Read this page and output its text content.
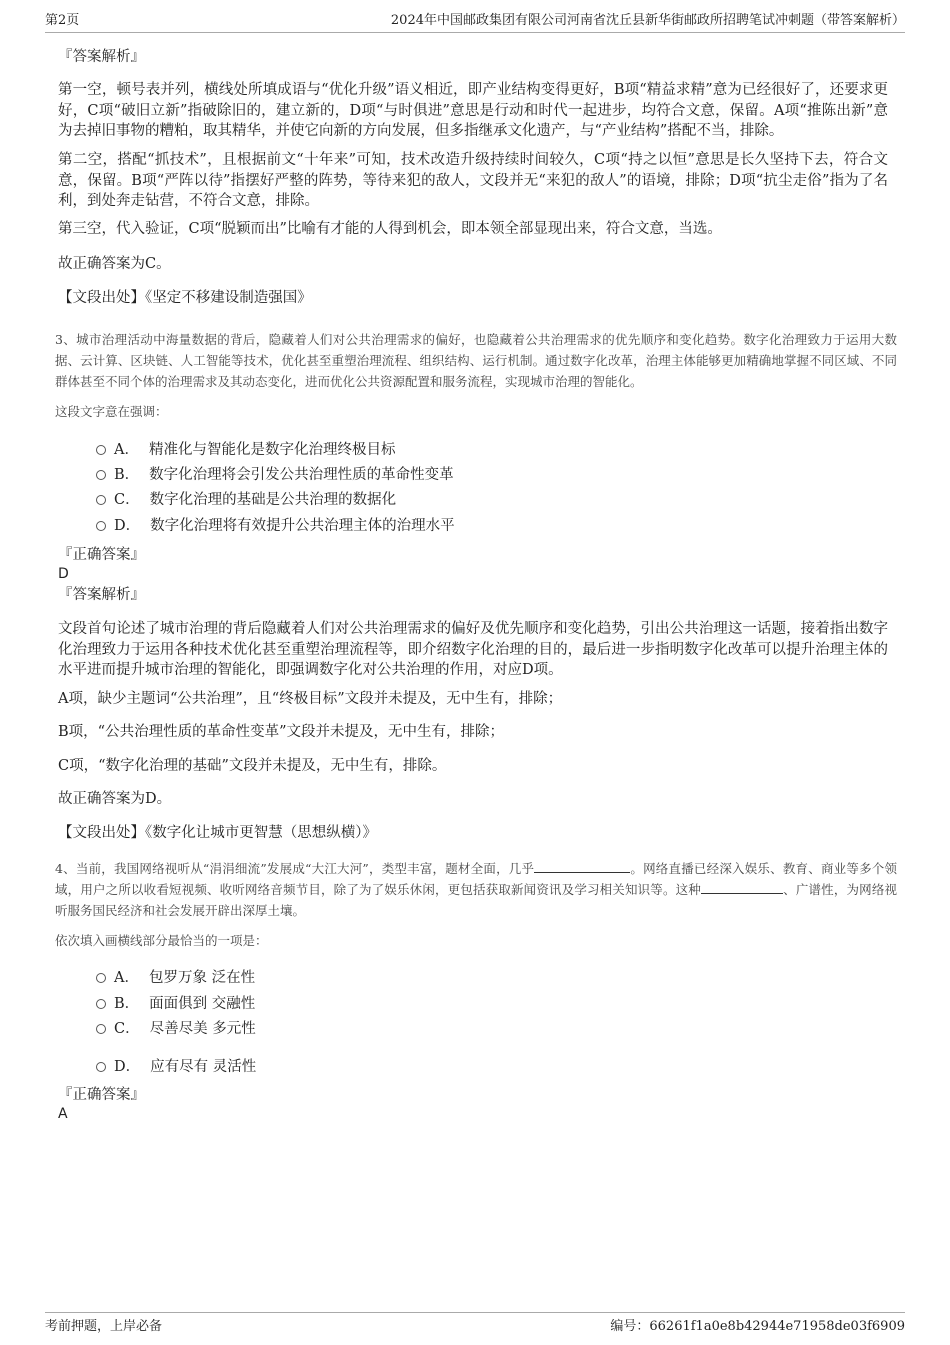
第2页	2024年中国邮政集团有限公司河南省沈丘县新华街邮政所招聘笔试冲刺题（带答案解析）
『答案解析』
第一空，顿号表并列，横线处所填成语与“优化升级”语义相近，即产业结构变得更好，B项“精益求精”意为已经很好了，还要求更好，C项“破旧立新”指破除旧的，建立新的，D项“与时俱进”意思是行动和时代一起进步，均符合文意，保留。A项“推陈出新”意为去掉旧事物的糟粕，取其精华，并使它向新的方向发展，但多指继承文化遗产，与“产业结构”搭配不当，排除。
第二空，搭配“抓技术”，且根据前文“十年来”可知，技术改造升级持续时间较久，C项“持之以恒”意思是长久坚持下去，符合文意，保留。B项“严阵以待”指摆好严整的阵势，等待来犯的敌人，文段并无“来犯的敌人”的语境，排除；D项“抗尘走俗”指为了名利，到处奔走钻营，不符合文意，排除。
第三空，代入验证，C项“脱颖而出”比喻有才能的人得到机会，即本领全部显现出来，符合文意，当选。
故正确答案为C。
【文段出处】《坚定不移建设制造强国》
3、城市治理活动中海量数据的背后，隐藏着人们对公共治理需求的偏好，也隐藏着公共治理需求的优先顺序和变化趋势。数字化治理致力于运用大数据、云计算、区块链、人工智能等技术，优化甚至重塑治理流程、组织结构、运行机制。通过数字化改革，治理主体能够更加精确地掌握不同区域、不同群体甚至不同个体的治理需求及其动态变化，进而优化公共资源配置和服务流程，实现城市治理的智能化。
这段文字意在强调：
A． 精准化与智能化是数字化治理终极目标
B． 数字化治理将会引发公共治理性质的革命性变革
C． 数字化治理的基础是公共治理的数据化
D． 数字化治理将有效提升公共治理主体的治理水平
『正确答案』
D
『答案解析』
文段首句论述了城市治理的背后隐藏着人们对公共治理需求的偏好及优先顺序和变化趋势，引出公共治理这一话题，接着指出数字化治理致力于运用各种技术优化甚至重塑治理流程等，即介绍数字化治理的目的，最后进一步指明数字化改革可以提升治理主体的水平进而提升城市治理的智能化，即强调数字化对公共治理的作用，对应D项。
A项，缺少主题词“公共治理”，且“终极目标”文段并未提及，无中生有，排除；
B项，“公共治理性质的革命性变革”文段并未提及，无中生有，排除；
C项，“数字化治理的基础”文段并未提及，无中生有，排除。
故正确答案为D。
【文段出处】《数字化让城市更智慧（思想纵横）》
4、当前，我国网络视听从“涓涓细流”发展成“大江大河”，类型丰富，题材全面，几乎	。网络直播已经深入娱乐、教育、商业等多个领域，用户之所以收看短视频、收听网络音频节目，除了为了娱乐休闲，更包括获取新闻资讯及学习相关知识等。这种	、广谱性，为网络视听服务国民经济和社会发展开辟出深厚土壤。
依次填入画横线部分最恰当的一项是：
A． 包罗万象 泛在性
B． 面面俱到 交融性
C． 尽善尽美 多元性
D． 应有尽有 灵活性
『正确答案』
A
考前押题，上岸必备	编号：66261f1a0e8b42944e71958de03f6909
